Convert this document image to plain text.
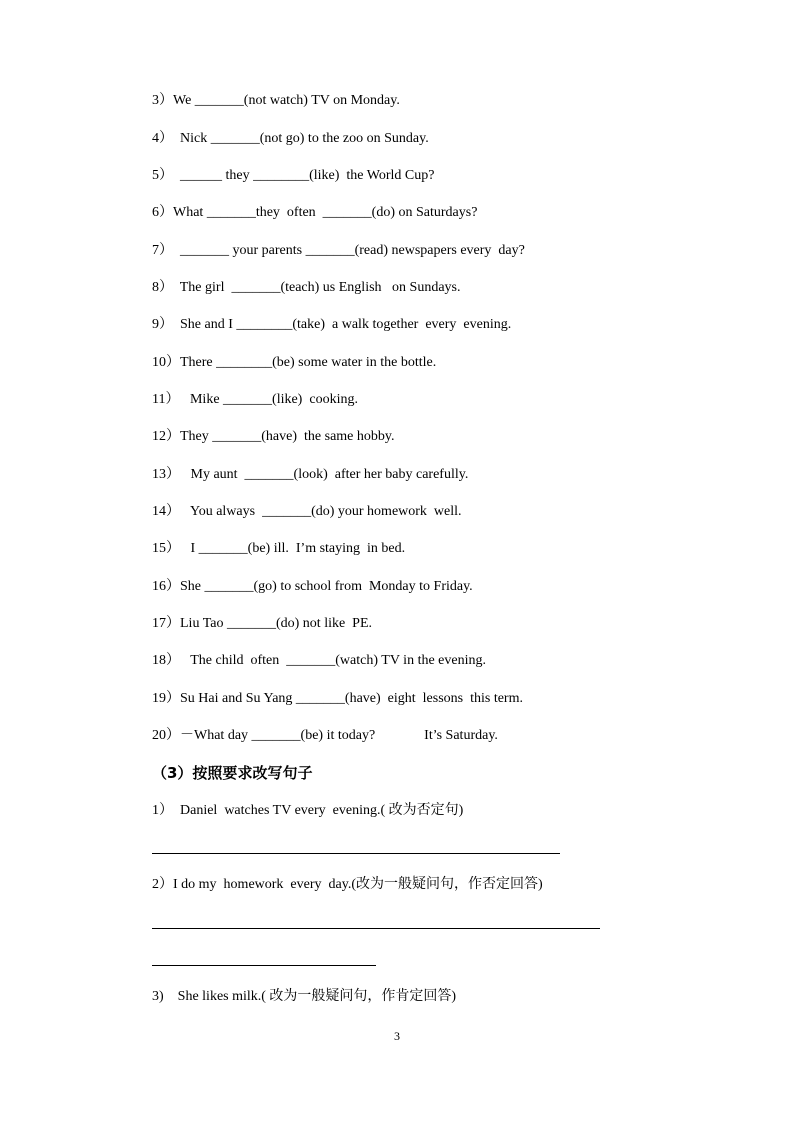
3）We _______(not watch) TV on Monday.
4）  Nick _______(not go) to the zoo on Sunday.
5）  ______ they ________(like)  the World Cup?
6）What _______they  often  _______(do) on Saturdays?
7）  _______ your parents _______(read) newspapers every  day?
8）  The girl  _______(teach) us English   on Sundays.
9）  She and I ________(take)  a walk together  every  evening.
10）There ________(be) some water in the bottle.
11）   Mike _______(like)  cooking.
12）They _______(have)  the same hobby.
13）   My aunt  _______(look)  after her baby carefully.
14）   You always  _______(do) your homework  well.
15）   I _______(be) ill.  I’m staying  in bed.
16）She _______(go) to school from  Monday to Friday.
17）Liu Tao _______(do) not like  PE.
18）   The child  often  _______(watch) TV in the evening.
19）Su Hai and Su Yang _______(have)  eight  lessons  this term.
20）－What day _______(be) it today?              It’s Saturday.
（3）按照要求改写句子
1）  Daniel  watches TV every  evening.( 改为否定句)
2）I do my  homework  every  day.(改为一般疑问句，作否定回答)
3)    She likes milk.( 改为一般疑问句，作肯定回答)
3
